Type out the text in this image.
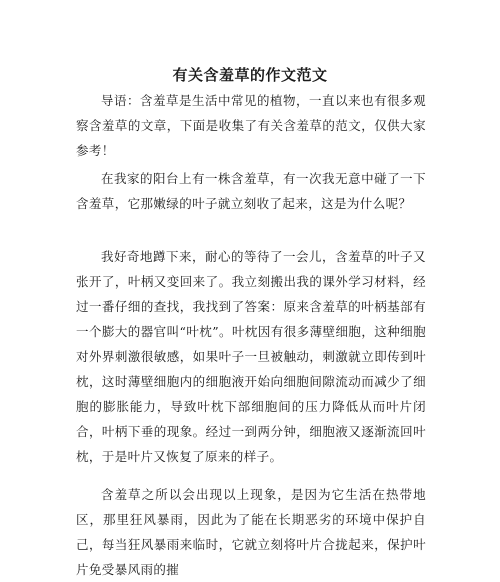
有关含羞草的作文范文

导语：含羞草是生活中常见的植物，一直以来也有很多观察含羞草的文章，下面是收集了有关含羞草的范文，仅供大家参考！

在我家的阳台上有一株含羞草，有一次我无意中碰了一下含羞草，它那嫩绿的叶子就立刻收了起来，这是为什么呢？

我好奇地蹲下来，耐心的等待了一会儿，含羞草的叶子又张开了，叶柄又变回来了。我立刻搬出我的课外学习材料，经过一番仔细的查找，我找到了答案：原来含羞草的叶柄基部有一个膨大的器官叫“叶枕”。叶枕因有很多薄壁细胞，这种细胞对外界刺激很敏感，如果叶子一旦被触动，刺激就立即传到叶枕，这时薄壁细胞内的细胞液开始向细胞间隙流动而减少了细胞的膨胀能力，导致叶枕下部细胞间的压力降低从而叶片闭合，叶柄下垂的现象。经过一到两分钟，细胞液又逐渐流回叶枕，于是叶片又恢复了原来的样子。

含羞草之所以会出现以上现象，是因为它生活在热带地区，那里狂风暴雨，因此为了能在长期恶劣的环境中保护自己，每当狂风暴雨来临时，它就立刻将叶片合拢起来，保护叶片免受暴风雨的摧
